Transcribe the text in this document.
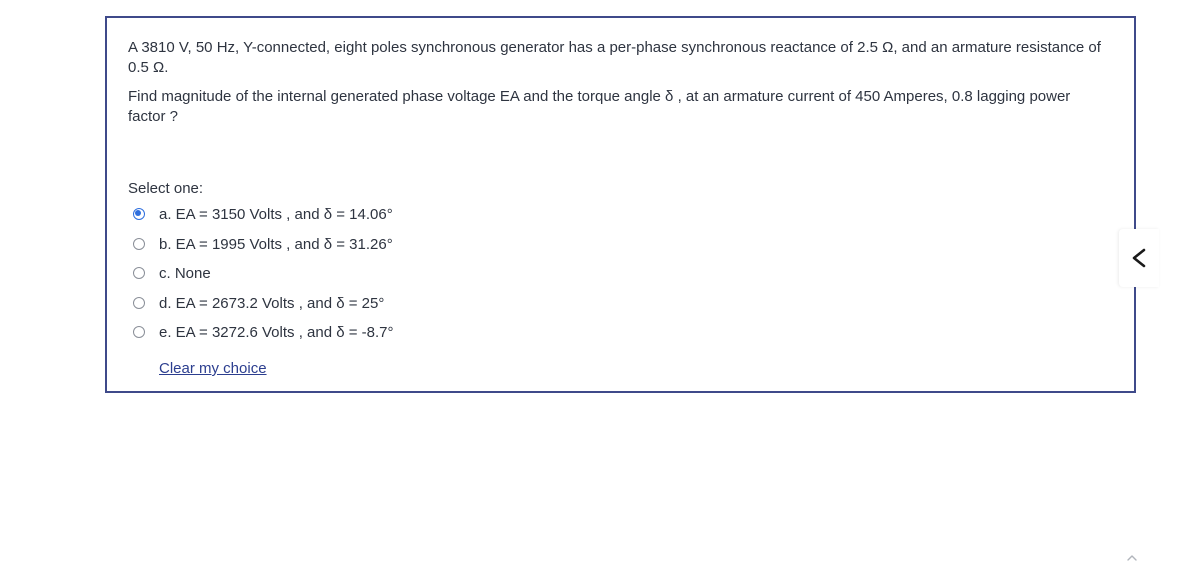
A 3810 V, 50 Hz, Y-connected, eight poles synchronous generator has a per-phase synchronous reactance of 2.5 Ω, and an armature resistance of 0.5 Ω.

Find magnitude of the internal generated phase voltage EA and the torque angle δ , at an armature current of 450 Amperes, 0.8 lagging power factor ?

Select one:
a. EA = 3150 Volts , and δ = 14.06°
b. EA = 1995 Volts , and δ = 31.26°
c. None
d. EA = 2673.2 Volts , and δ = 25°
e. EA = 3272.6 Volts , and δ = -8.7°
Clear my choice
